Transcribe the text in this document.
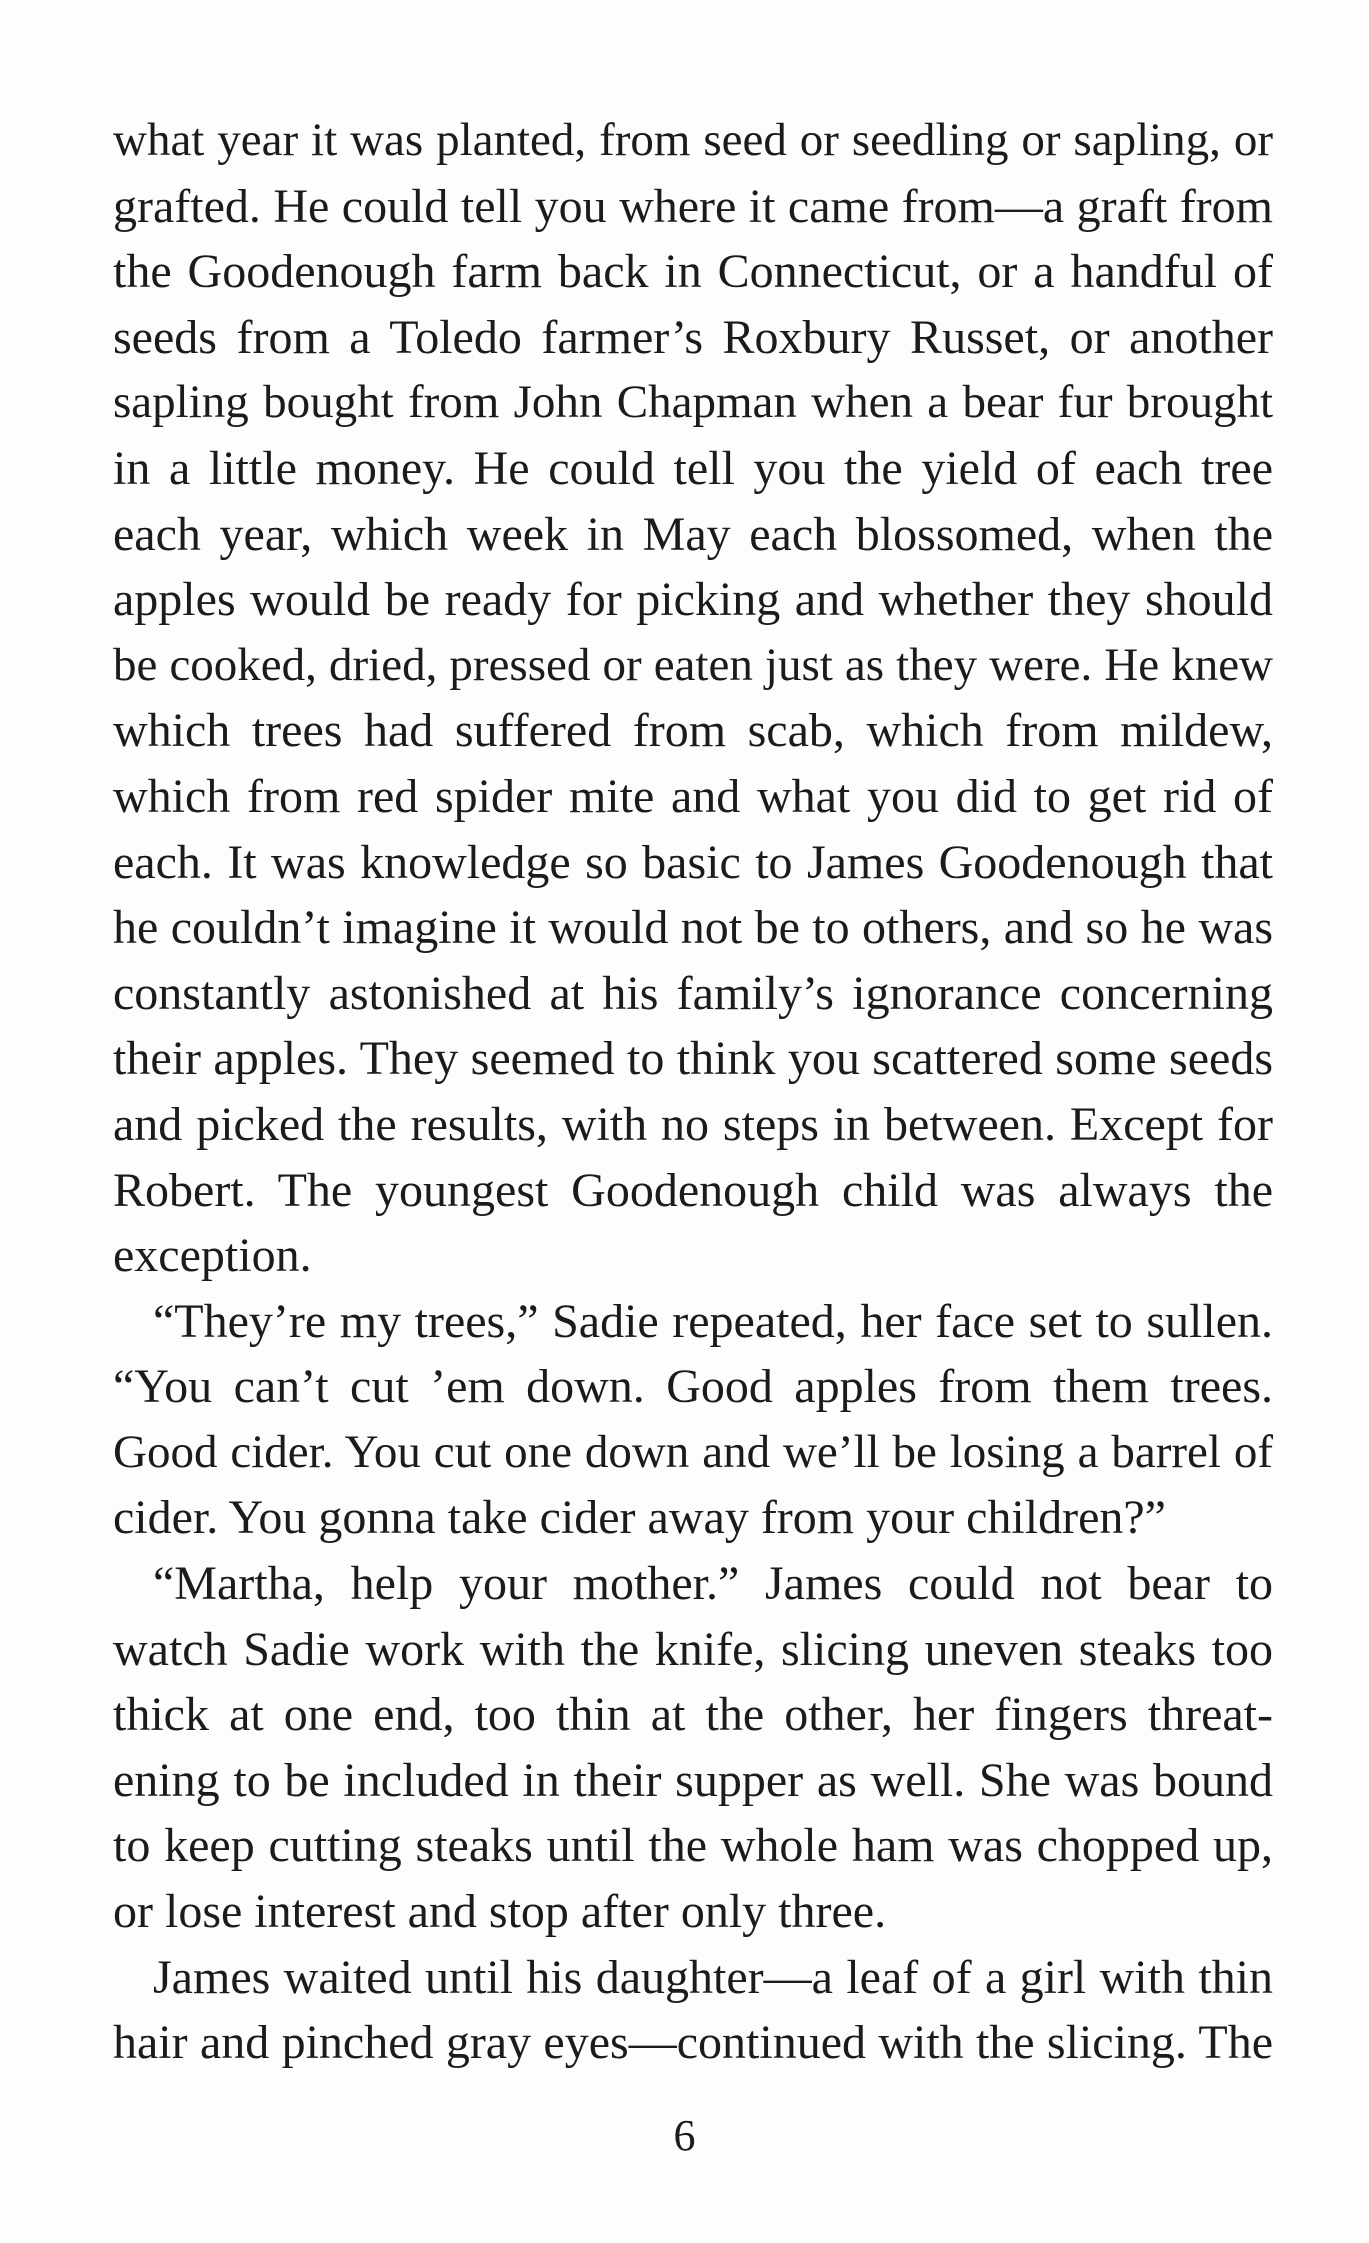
what year it was planted, from seed or seedling or sapling, or
grafted. He could tell you where it came from—a graft from
the Goodenough farm back in Connecticut, or a handful of
seeds from a Toledo farmer’s Roxbury Russet, or another
sapling bought from John Chapman when a bear fur brought
in a little money. He could tell you the yield of each tree
each year, which week in May each blossomed, when the
apples would be ready for picking and whether they should
be cooked, dried, pressed or eaten just as they were. He knew
which trees had suffered from scab, which from mildew,
which from red spider mite and what you did to get rid of
each. It was knowledge so basic to James Goodenough that
he couldn’t imagine it would not be to others, and so he was
constantly astonished at his family’s ignorance concerning
their apples. They seemed to think you scattered some seeds
and picked the results, with no steps in between. Except for
Robert. The youngest Goodenough child was always the
exception.
“They’re my trees,” Sadie repeated, her face set to sullen.
“You can’t cut ’em down. Good apples from them trees.
Good cider. You cut one down and we’ll be losing a barrel of
cider. You gonna take cider away from your children?”
“Martha, help your mother.” James could not bear to
watch Sadie work with the knife, slicing uneven steaks too
thick at one end, too thin at the other, her fingers threat-
ening to be included in their supper as well. She was bound
to keep cutting steaks until the whole ham was chopped up,
or lose interest and stop after only three.
James waited until his daughter—a leaf of a girl with thin
hair and pinched gray eyes—continued with the slicing. The
6
